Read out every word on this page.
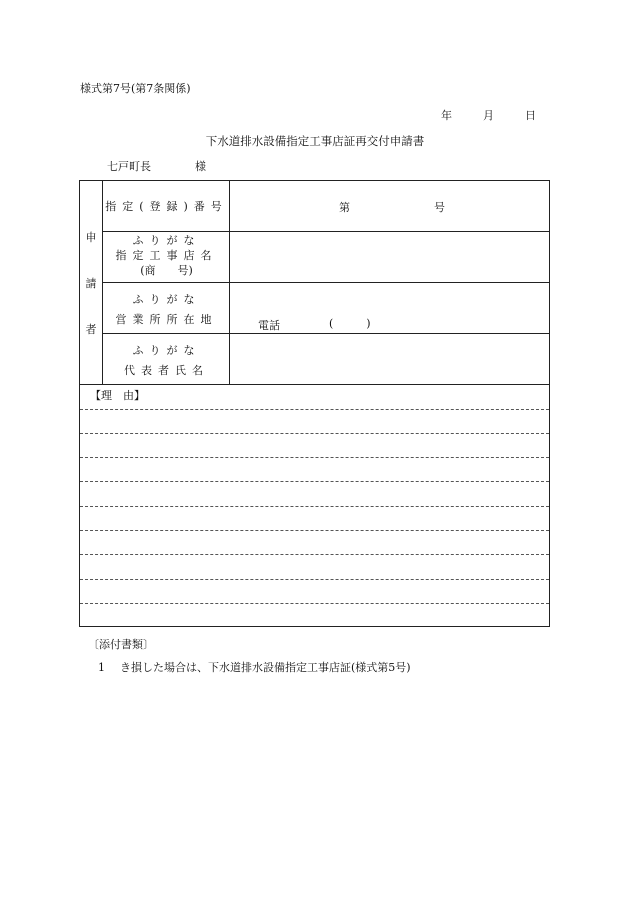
様式第7号(第7条関係)
年	月	日
下水道排水設備指定工事店証再交付申請書
七戸町長	様
申
請
者
指定(登録)番号	第	号
ふりがな
指定工事店名
(商　　号)
ふりがな
営業所所在地	電話	(　　　)
ふりがな
代表者氏名
【理　由】
〔添付書類〕
1 き損した場合は、下水道排水設備指定工事店証(様式第5号)
